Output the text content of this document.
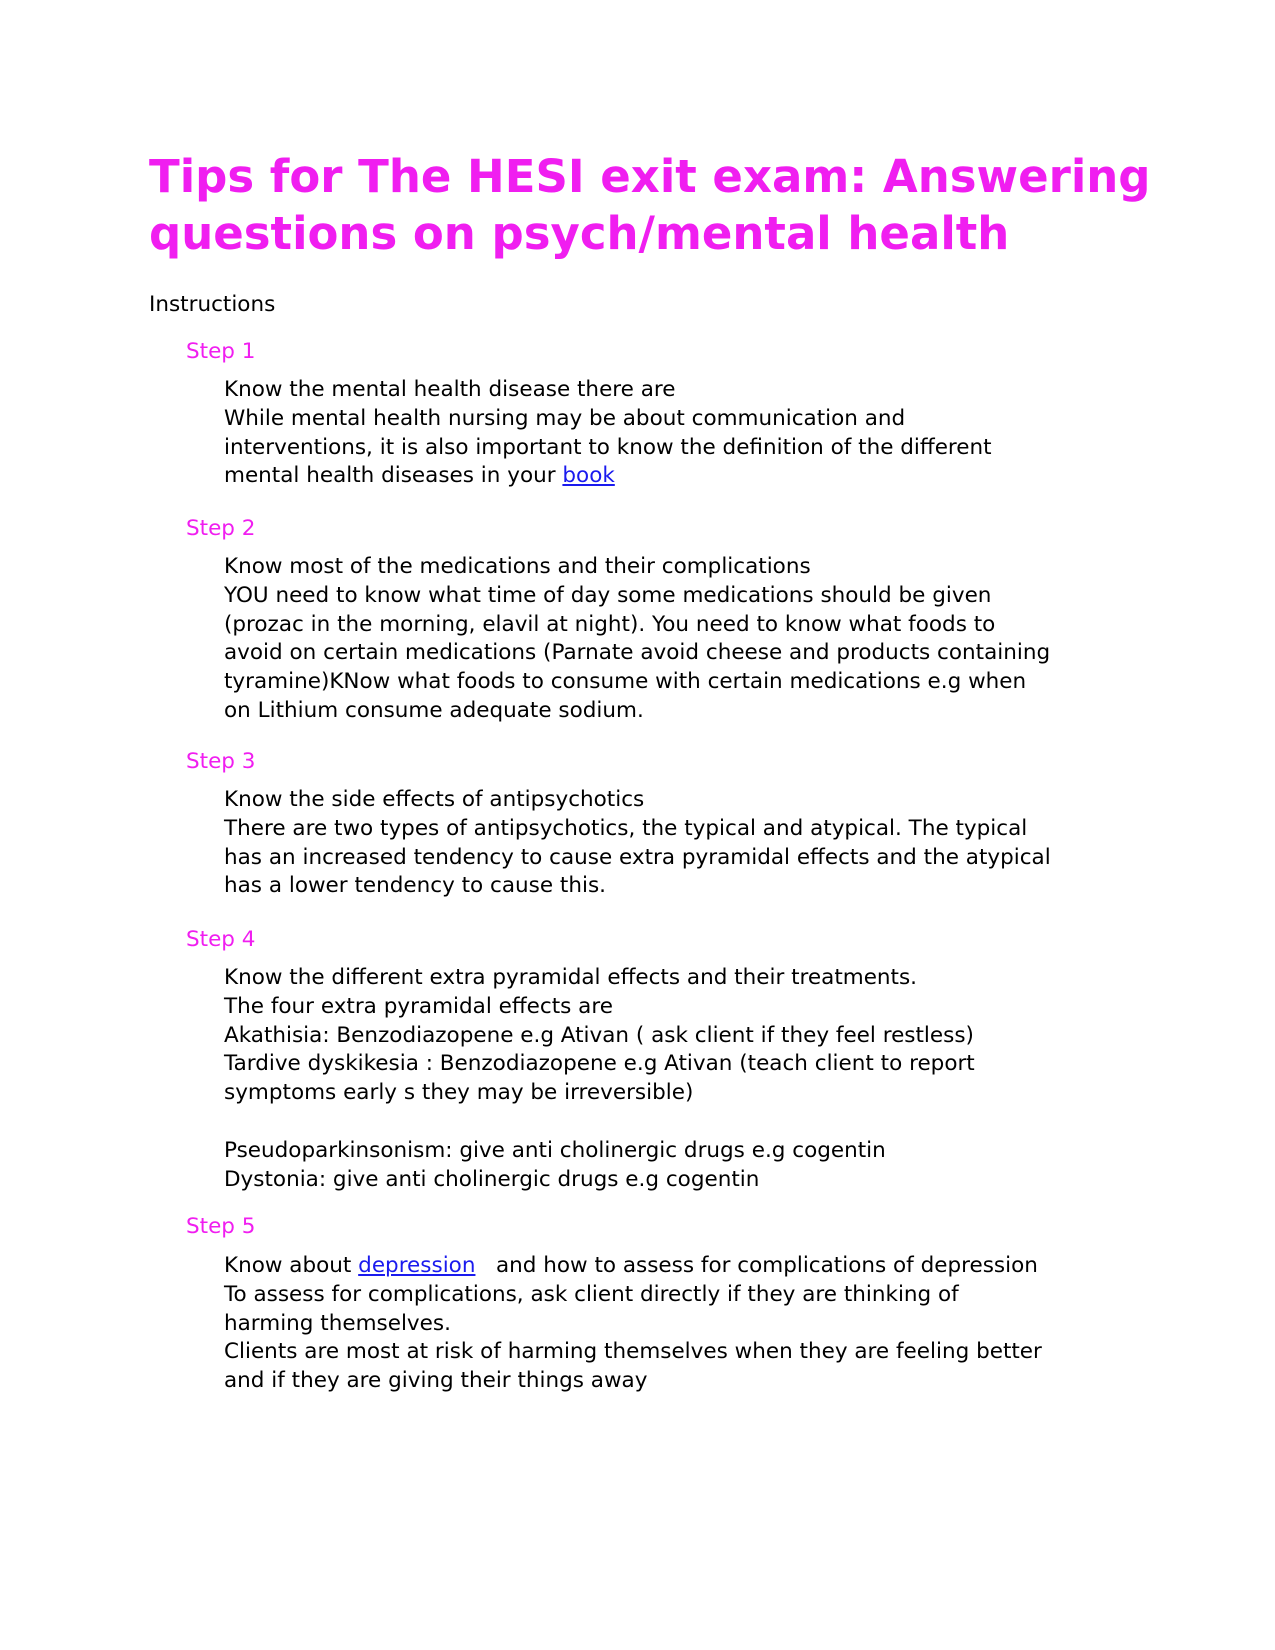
Tips for The HESI exit exam: Answering
questions on psych/mental health

Instructions

Step 1

Know the mental health disease there are
While mental health nursing may be about communication and
interventions, it is also important to know the definition of the different
mental health diseases in your book

Step 2

Know most of the medications and their complications
YOU need to know what time of day some medications should be given
(prozac in the morning, elavil at night). You need to know what foods to
avoid on certain medications (Parnate avoid cheese and products containing
tyramine)KNow what foods to consume with certain medications e.g when
on Lithium consume adequate sodium.

Step 3

Know the side effects of antipsychotics
There are two types of antipsychotics, the typical and atypical. The typical
has an increased tendency to cause extra pyramidal effects and the atypical
has a lower tendency to cause this.

Step 4

Know the different extra pyramidal effects and their treatments.
The four extra pyramidal effects are
Akathisia: Benzodiazopene e.g Ativan ( ask client if they feel restless)
Tardive dyskikesia : Benzodiazopene e.g Ativan (teach client to report
symptoms early s they may be irreversible)
Pseudoparkinsonism: give anti cholinergic drugs e.g cogentin
Dystonia: give anti cholinergic drugs e.g cogentin

Step 5

Know about depression   and how to assess for complications of depression
To assess for complications, ask client directly if they are thinking of
harming themselves.
Clients are most at risk of harming themselves when they are feeling better
and if they are giving their things away
